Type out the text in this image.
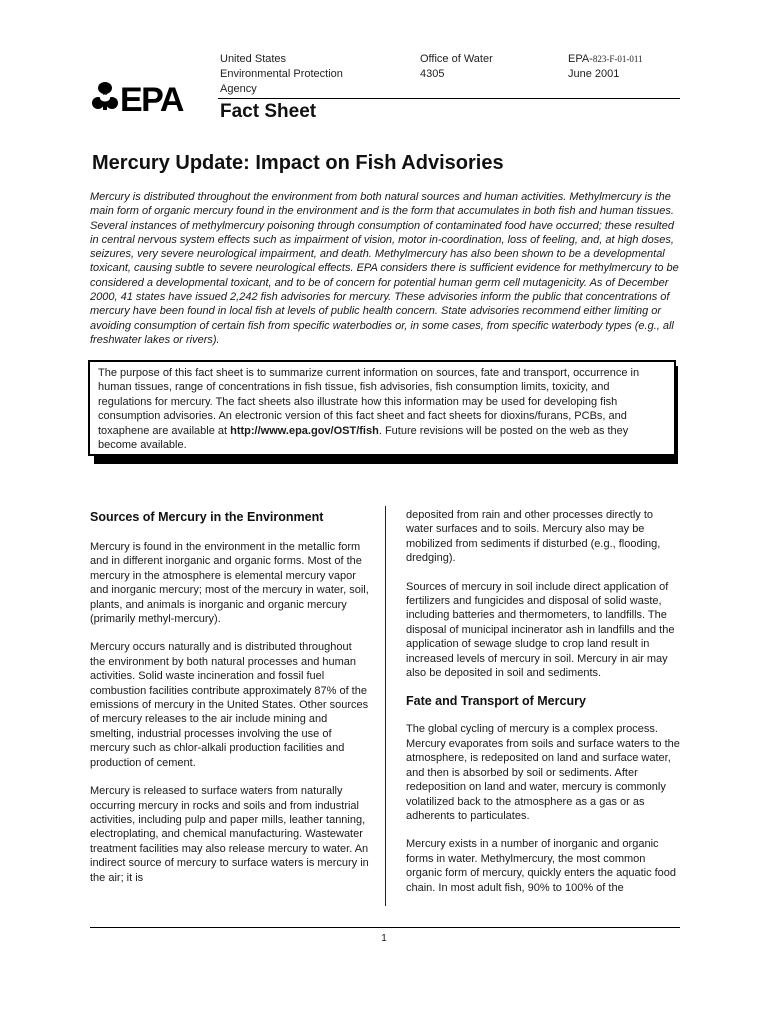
United States
Environmental Protection
Agency
Office of Water
4305
EPA-823-F-01-011
June 2001
EPA Fact Sheet
Mercury Update: Impact on Fish Advisories
Mercury is distributed throughout the environment from both natural sources and human activities. Methylmercury is the main form of organic mercury found in the environment and is the form that accumulates in both fish and human tissues. Several instances of methylmercury poisoning through consumption of contaminated food have occurred; these resulted in central nervous system effects such as impairment of vision, motor in-coordination, loss of feeling, and, at high doses, seizures, very severe neurological impairment, and death. Methylmercury has also been shown to be a developmental toxicant, causing subtle to severe neurological effects. EPA considers there is sufficient evidence for methylmercury to be considered a developmental toxicant, and to be of concern for potential human germ cell mutagenicity. As of December 2000, 41 states have issued 2,242 fish advisories for mercury. These advisories inform the public that concentrations of mercury have been found in local fish at levels of public health concern. State advisories recommend either limiting or avoiding consumption of certain fish from specific waterbodies or, in some cases, from specific waterbody types (e.g., all freshwater lakes or rivers).
The purpose of this fact sheet is to summarize current information on sources, fate and transport, occurrence in human tissues, range of concentrations in fish tissue, fish advisories, fish consumption limits, toxicity, and regulations for mercury. The fact sheets also illustrate how this information may be used for developing fish consumption advisories. An electronic version of this fact sheet and fact sheets for dioxins/furans, PCBs, and toxaphene are available at http://www.epa.gov/OST/fish. Future revisions will be posted on the web as they become available.
Sources of Mercury in the Environment

Mercury is found in the environment in the metallic form and in different inorganic and organic forms. Most of the mercury in the atmosphere is elemental mercury vapor and inorganic mercury; most of the mercury in water, soil, plants, and animals is inorganic and organic mercury (primarily methyl-mercury).

Mercury occurs naturally and is distributed throughout the environment by both natural processes and human activities. Solid waste incineration and fossil fuel combustion facilities contribute approximately 87% of the emissions of mercury in the United States. Other sources of mercury releases to the air include mining and smelting, industrial processes involving the use of mercury such as chlor-alkali production facilities and production of cement.

Mercury is released to surface waters from naturally occurring mercury in rocks and soils and from industrial activities, including pulp and paper mills, leather tanning, electroplating, and chemical manufacturing. Wastewater treatment facilities may also release mercury to water. An indirect source of mercury to surface waters is mercury in the air; it is

deposited from rain and other processes directly to water surfaces and to soils. Mercury also may be mobilized from sediments if disturbed (e.g., flooding, dredging).

Sources of mercury in soil include direct application of fertilizers and fungicides and disposal of solid waste, including batteries and thermometers, to landfills. The disposal of municipal incinerator ash in landfills and the application of sewage sludge to crop land result in increased levels of mercury in soil. Mercury in air may also be deposited in soil and sediments.

Fate and Transport of Mercury

The global cycling of mercury is a complex process. Mercury evaporates from soils and surface waters to the atmosphere, is redeposited on land and surface water, and then is absorbed by soil or sediments. After redeposition on land and water, mercury is commonly volatilized back to the atmosphere as a gas or as adherents to particulates.

Mercury exists in a number of inorganic and organic forms in water. Methylmercury, the most common organic form of mercury, quickly enters the aquatic food chain. In most adult fish, 90% to 100% of the

1
